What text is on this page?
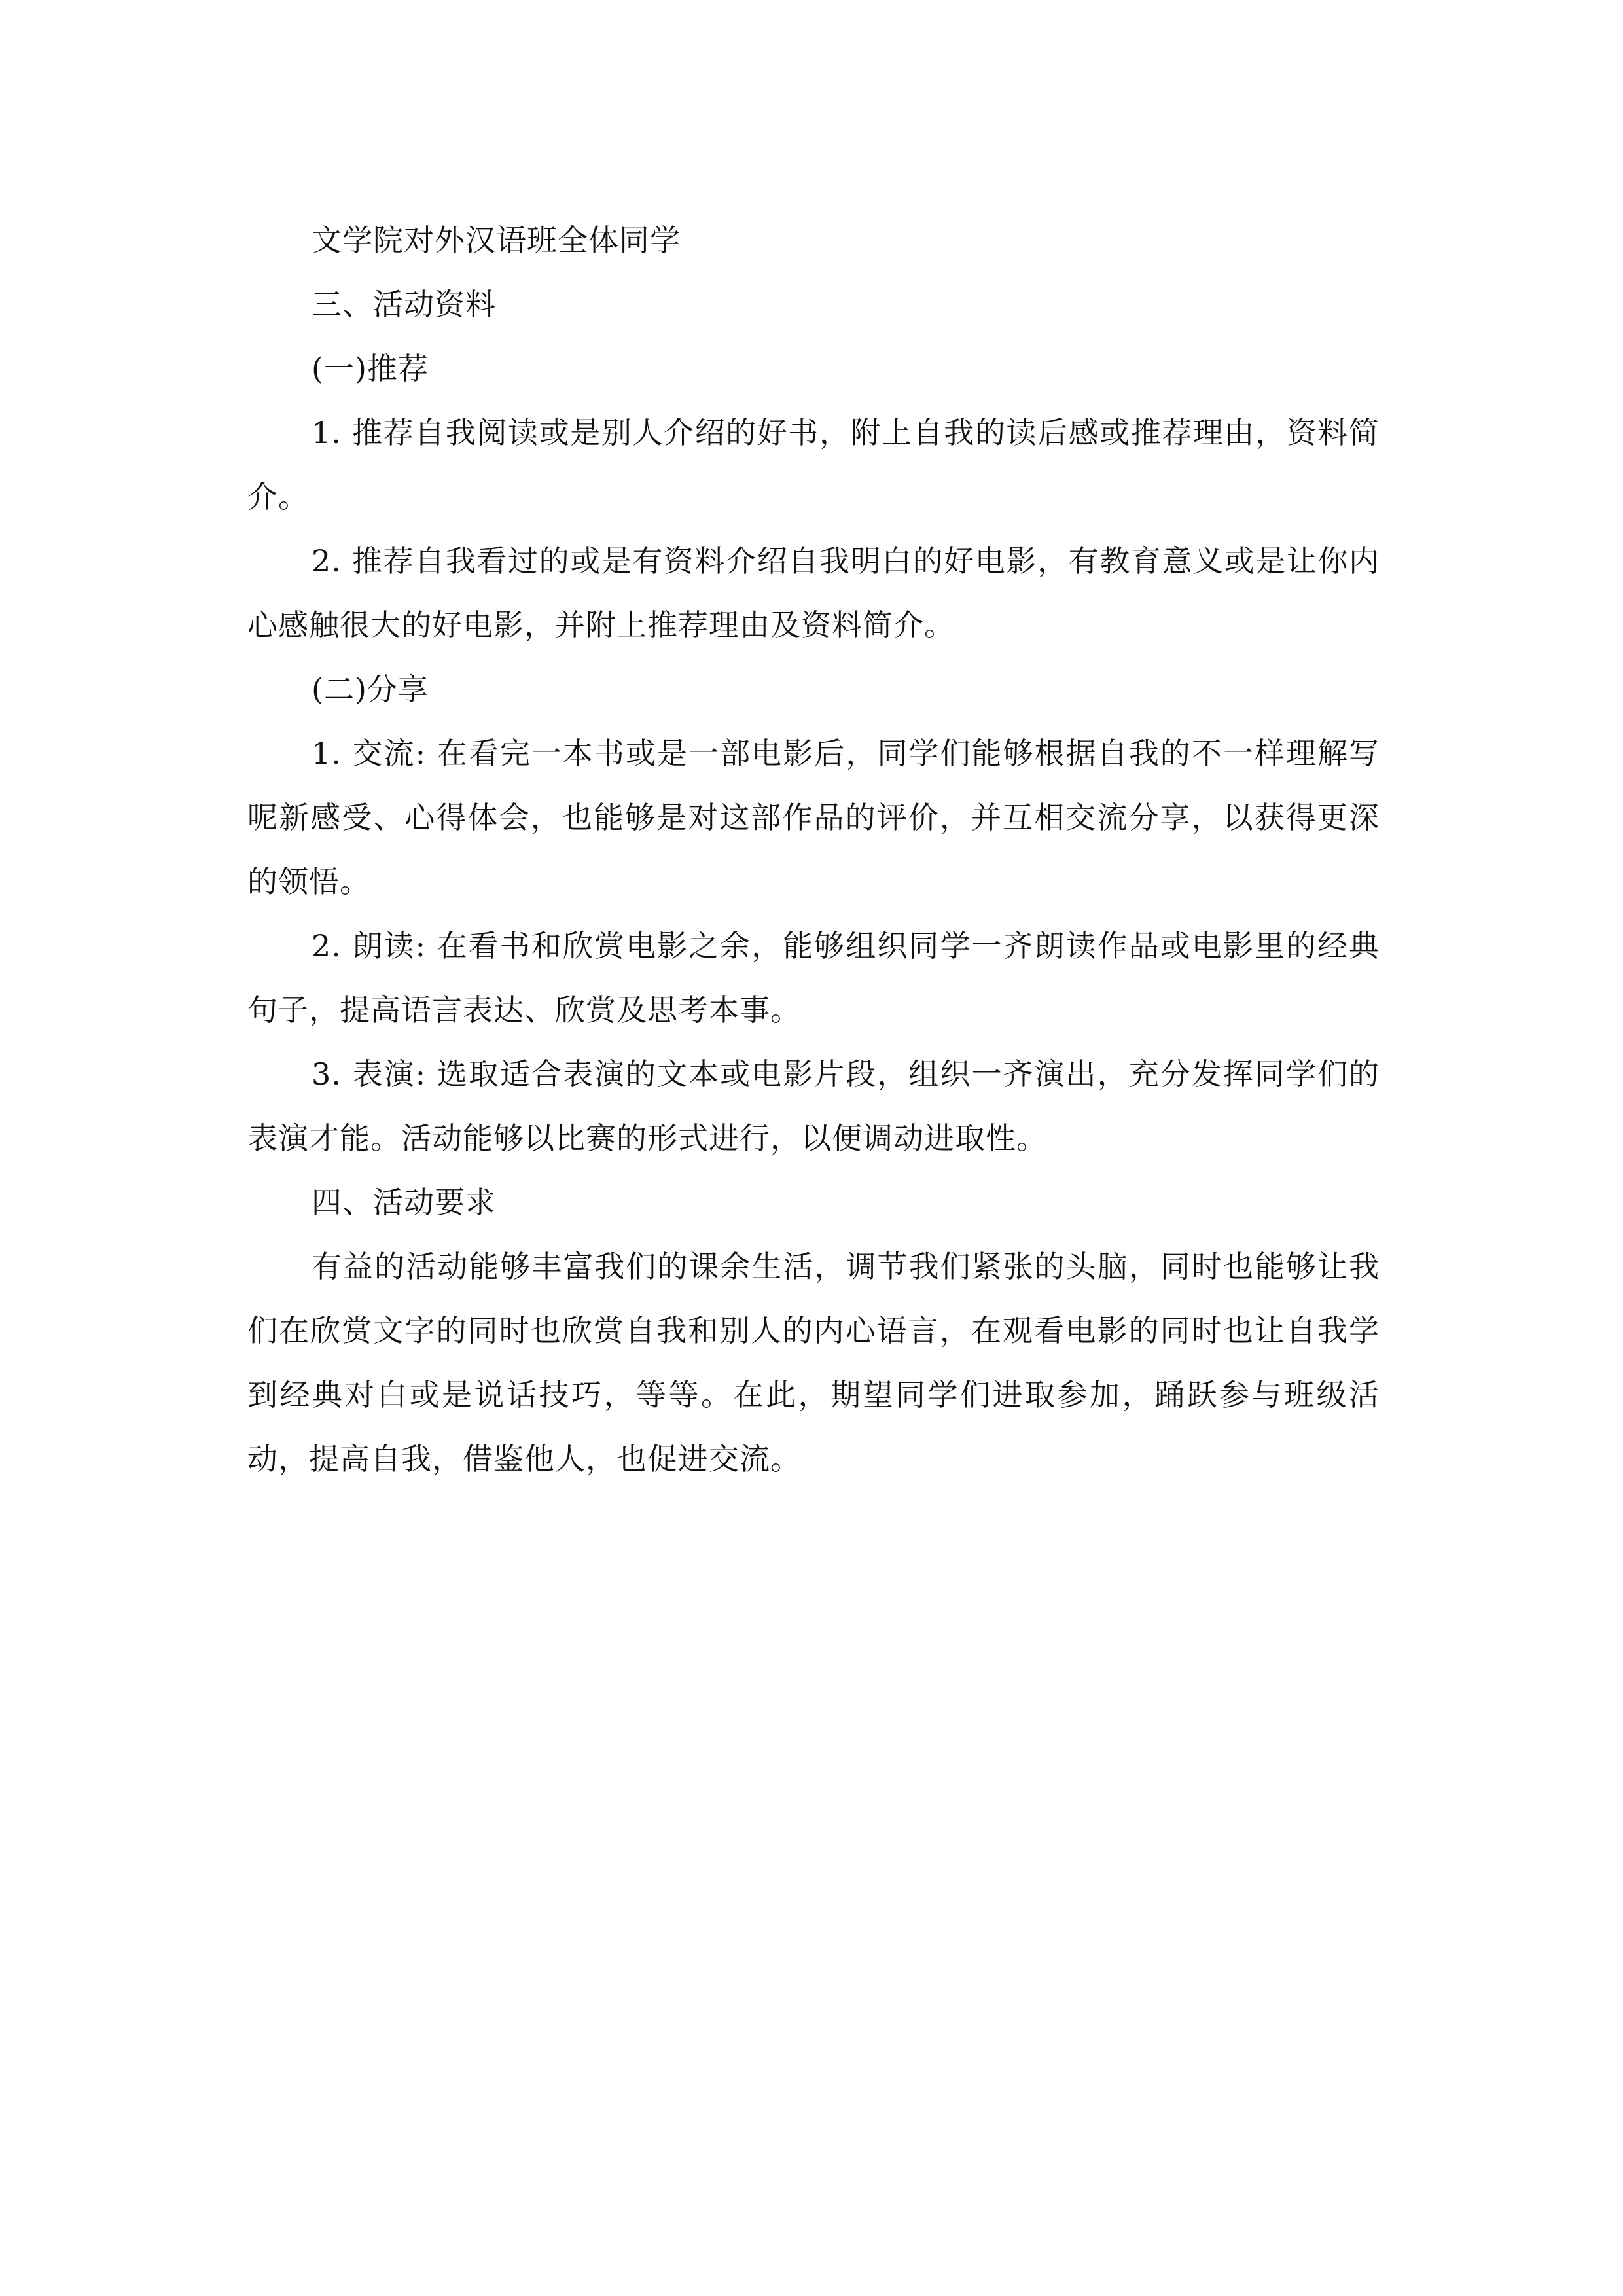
文学院对外汉语班全体同学

三、活动资料

(一)推荐

1. 推荐自我阅读或是别人介绍的好书，附上自我的读后感或推荐理由，资料简介。

2. 推荐自我看过的或是有资料介绍自我明白的好电影，有教育意义或是让你内心感触很大的好电影，并附上推荐理由及资料简介。

(二)分享

1. 交流: 在看完一本书或是一部电影后，同学们能够根据自我的不一样理解写呢新感受、心得体会，也能够是对这部作品的评价，并互相交流分享，以获得更深的领悟。

2. 朗读: 在看书和欣赏电影之余，能够组织同学一齐朗读作品或电影里的经典句子，提高语言表达、欣赏及思考本事。

3. 表演: 选取适合表演的文本或电影片段，组织一齐演出，充分发挥同学们的表演才能。活动能够以比赛的形式进行，以便调动进取性。

四、活动要求

有益的活动能够丰富我们的课余生活，调节我们紧张的头脑，同时也能够让我们在欣赏文字的同时也欣赏自我和别人的内心语言，在观看电影的同时也让自我学到经典对白或是说话技巧，等等。在此，期望同学们进取参加，踊跃参与班级活动，提高自我，借鉴他人，也促进交流。
